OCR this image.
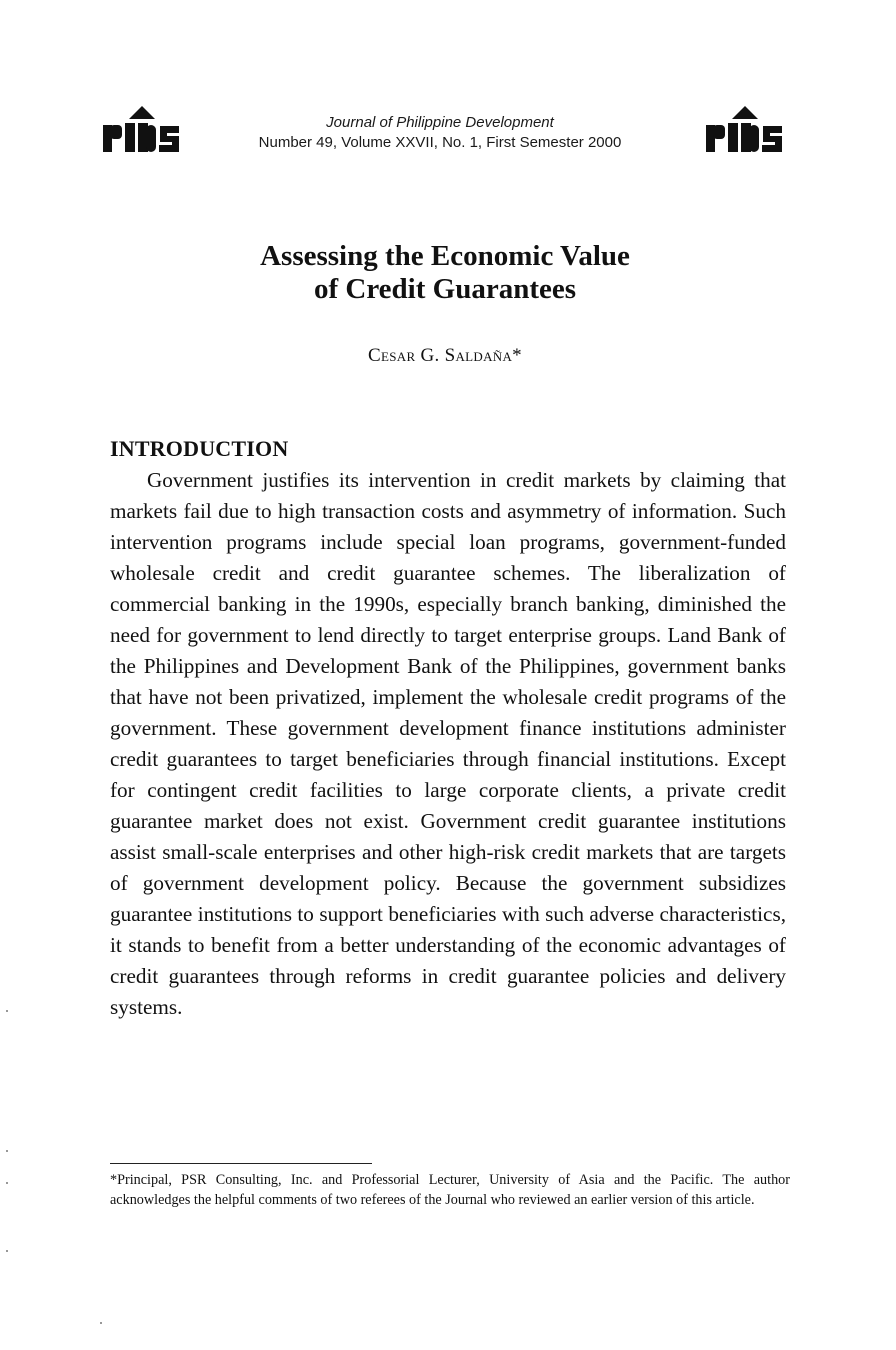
Journal of Philippine Development
Number 49, Volume XXVII, No. 1, First Semester 2000
Assessing the Economic Value
of Credit Guarantees
Cesar G. Saldaña*
INTRODUCTION

Government justifies its intervention in credit markets by claiming that markets fail due to high transaction costs and asymmetry of information. Such intervention programs include special loan programs, government-funded wholesale credit and credit guarantee schemes. The liberalization of commercial banking in the 1990s, especially branch banking, diminished the need for government to lend directly to target enterprise groups. Land Bank of the Philippines and Development Bank of the Philippines, government banks that have not been privatized, implement the wholesale credit programs of the government. These government development finance institutions administer credit guarantees to target beneficiaries through financial institutions. Except for contingent credit facilities to large corporate clients, a private credit guarantee market does not exist. Government credit guarantee institutions assist small-scale enterprises and other high-risk credit markets that are targets of government development policy. Because the government subsidizes guarantee institutions to support beneficiaries with such adverse characteristics, it stands to benefit from a better understanding of the economic advantages of credit guarantees through reforms in credit guarantee policies and delivery systems.

*Principal, PSR Consulting, Inc. and Professorial Lecturer, University of Asia and the Pacific. The author acknowledges the helpful comments of two referees of the Journal who reviewed an earlier version of this article.
